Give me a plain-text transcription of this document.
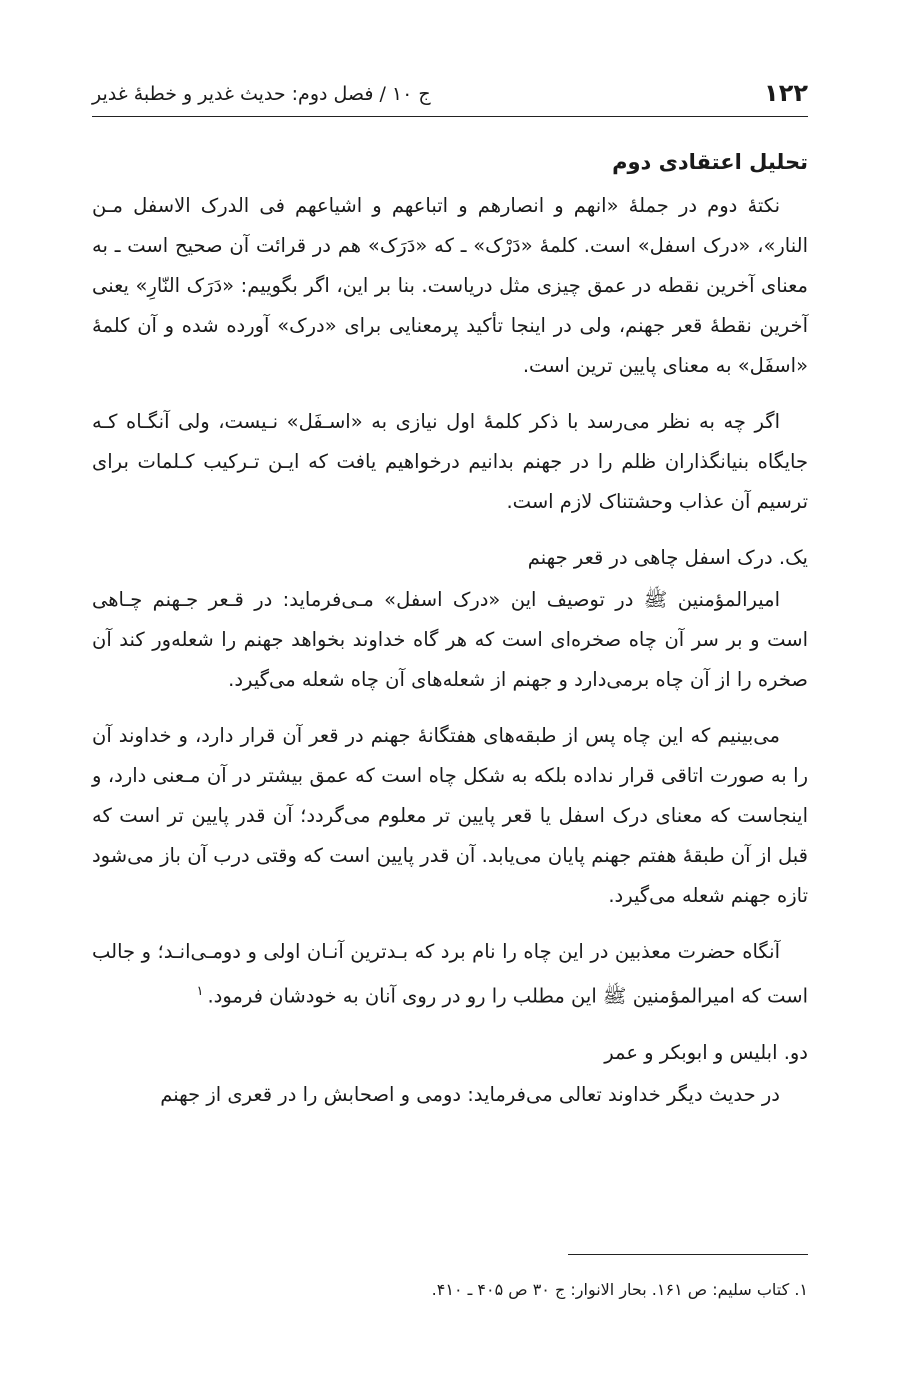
۱۲۲
ج ۱۰ / فصل دوم: حدیث غدیر و خطبهٔ غدیر
تحلیل اعتقادی دوم

نکتهٔ دوم در جملهٔ «انهم و انصارهم و اتباعهم و اشیاعهم فی الدرک الاسفل مـن النار»، «درک اسفل» است. کلمهٔ «دَرْک» ـ که «دَرَک» هم در قرائت آن صحیح است ـ به معنای آخرین نقطه در عمق چیزی مثل دریاست. بنا بر این، اگر بگوییم: «دَرَک النّارِ» یعنی آخرین نقطهٔ قعر جهنم، ولی در اینجا تأکید پرمعنایی برای «درک» آورده شده و آن کلمهٔ «اسفَل» به معنای پایین ترین است.

اگر چه به نظر می‌رسد با ذکر کلمهٔ اول نیازی به «اسـفَل» نـیست، ولی آنگـاه کـه جایگاه بنیانگذاران ظلم را در جهنم بدانیم درخواهیم یافت که ایـن تـرکیب کـلمات برای ترسیم آن عذاب وحشتناک لازم است.

یک. درک اسفل چاهی در قعر جهنم

امیرالمؤمنین ﷺ در توصیف این «درک اسفل» مـی‌فرماید: در قـعر جـهنم چـاهی است و بر سر آن چاه صخره‌ای است که هر گاه خداوند بخواهد جهنم را شعله‌ور کند آن صخره را از آن چاه برمی‌دارد و جهنم از شعله‌های آن چاه شعله می‌گیرد.

می‌بینیم که این چاه پس از طبقه‌های هفتگانهٔ جهنم در قعر آن قرار دارد، و خداوند آن را به صورت اتاقی قرار نداده بلکه به شکل چاه است که عمق بیشتر در آن مـعنی دارد، و اینجاست که معنای درک اسفل یا قعر پایین تر معلوم می‌گردد؛ آن قدر پایین تر است که قبل از آن طبقهٔ هفتم جهنم پایان می‌یابد. آن قدر پایین است که وقتی درب آن باز می‌شود تازه جهنم شعله می‌گیرد.

آنگاه حضرت معذبین در این چاه را نام برد که بـدترین آنـان اولی و دومـی‌انـد؛ و جالب است که امیرالمؤمنین ﷺ این مطلب را رو در روی آنان به خودشان فرمود.$^۱$

دو. ابلیس و ابوبکر و عمر

در حدیث دیگر خداوند تعالی می‌فرماید: دومی و اصحابش را در قعری از جهنم

۱. کتاب سلیم: ص ۱۶۱. بحار الانوار: ج ۳۰ ص ۴۰۵ ـ ۴۱۰.
